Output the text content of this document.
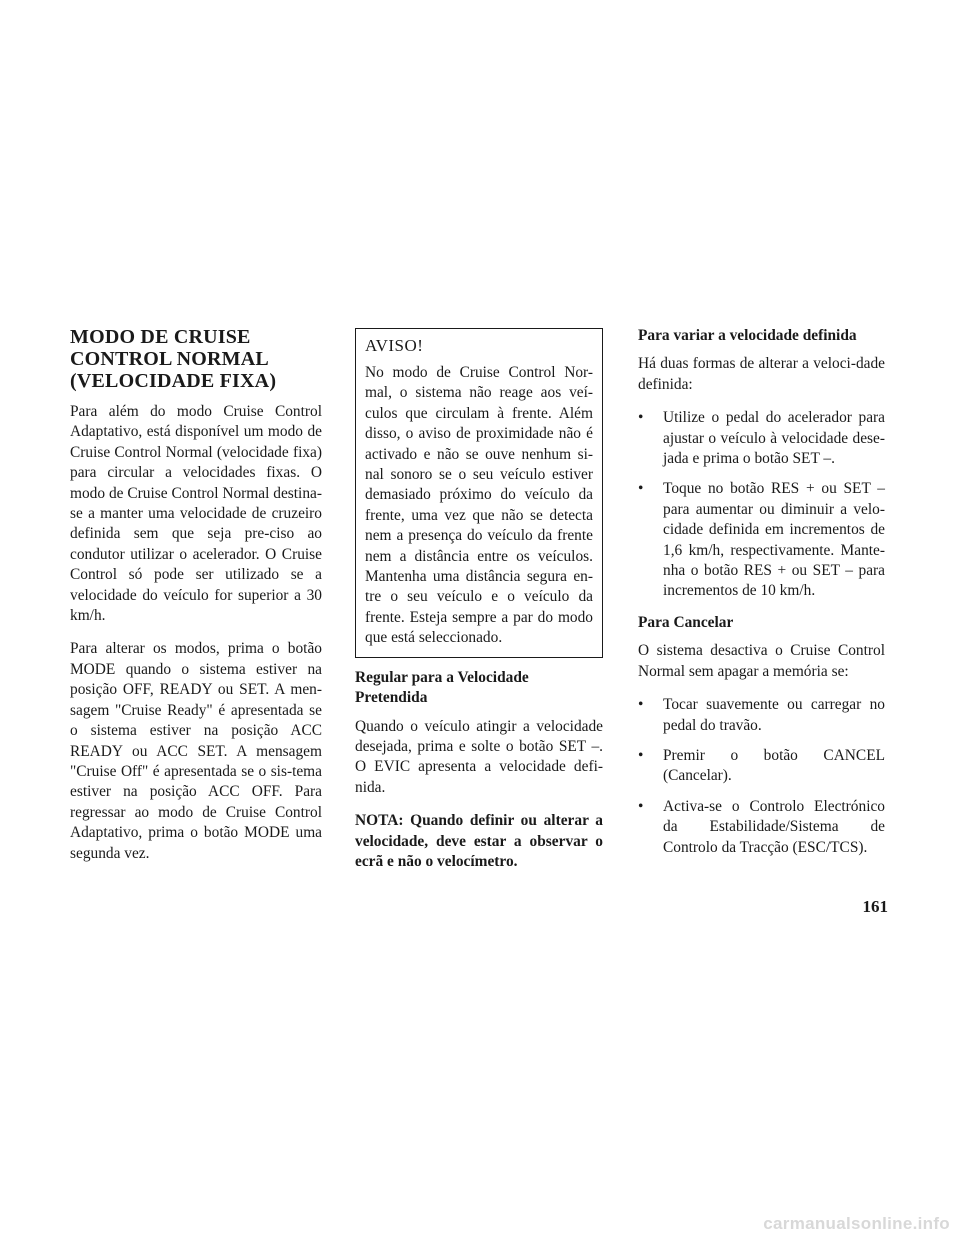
MODO DE CRUISE CONTROL NORMAL (VELOCIDADE FIXA)

Para além do modo Cruise Control Adaptativo, está disponível um modo de Cruise Control Normal (velocidade fixa) para circular a velocidades fixas. O modo de Cruise Control Normal destina-se a manter uma velocidade de cruzeiro definida sem que seja pre-ciso ao condutor utilizar o acelerador. O Cruise Control só pode ser utilizado se a velocidade do veículo for superior a 30 km/h.

Para alterar os modos, prima o botão MODE quando o sistema estiver na posição OFF, READY ou SET. A men-sagem "Cruise Ready" é apresentada se o sistema estiver na posição ACC READY ou ACC SET. A mensagem "Cruise Off" é apresentada se o sis-tema estiver na posição ACC OFF. Para regressar ao modo de Cruise Control Adaptativo, prima o botão MODE uma segunda vez.

AVISO!

No modo de Cruise Control Nor-mal, o sistema não reage aos veí-culos que circulam à frente. Além disso, o aviso de proximidade não é activado e não se ouve nenhum si-nal sonoro se o seu veículo estiver demasiado próximo do veículo da frente, uma vez que não se detecta nem a presença do veículo da frente nem a distância entre os veículos. Mantenha uma distância segura en-tre o seu veículo e o veículo da frente. Esteja sempre a par do modo que está seleccionado.

Regular para a Velocidade Pretendida

Quando o veículo atingir a velocidade desejada, prima e solte o botão SET –. O EVIC apresenta a velocidade defi-nida.

NOTA: Quando definir ou alterar a velocidade, deve estar a observar o ecrã e não o velocímetro.

Para variar a velocidade definida

Há duas formas de alterar a veloci-dade definida:

• Utilize o pedal do acelerador para ajustar o veículo à velocidade dese-jada e prima o botão SET –.
• Toque no botão RES + ou SET – para aumentar ou diminuir a velo-cidade definida em incrementos de 1,6 km/h, respectivamente. Mante-nha o botão RES + ou SET – para incrementos de 10 km/h.
Para Cancelar

O sistema desactiva o Cruise Control Normal sem apagar a memória se:

• Tocar suavemente ou carregar no pedal do travão.
• Premir o botão CANCEL (Cancelar).
• Activa-se o Controlo Electrónico da Estabilidade/Sistema de Controlo da Tracção (ESC/TCS).
161
carmanualsonline.info
